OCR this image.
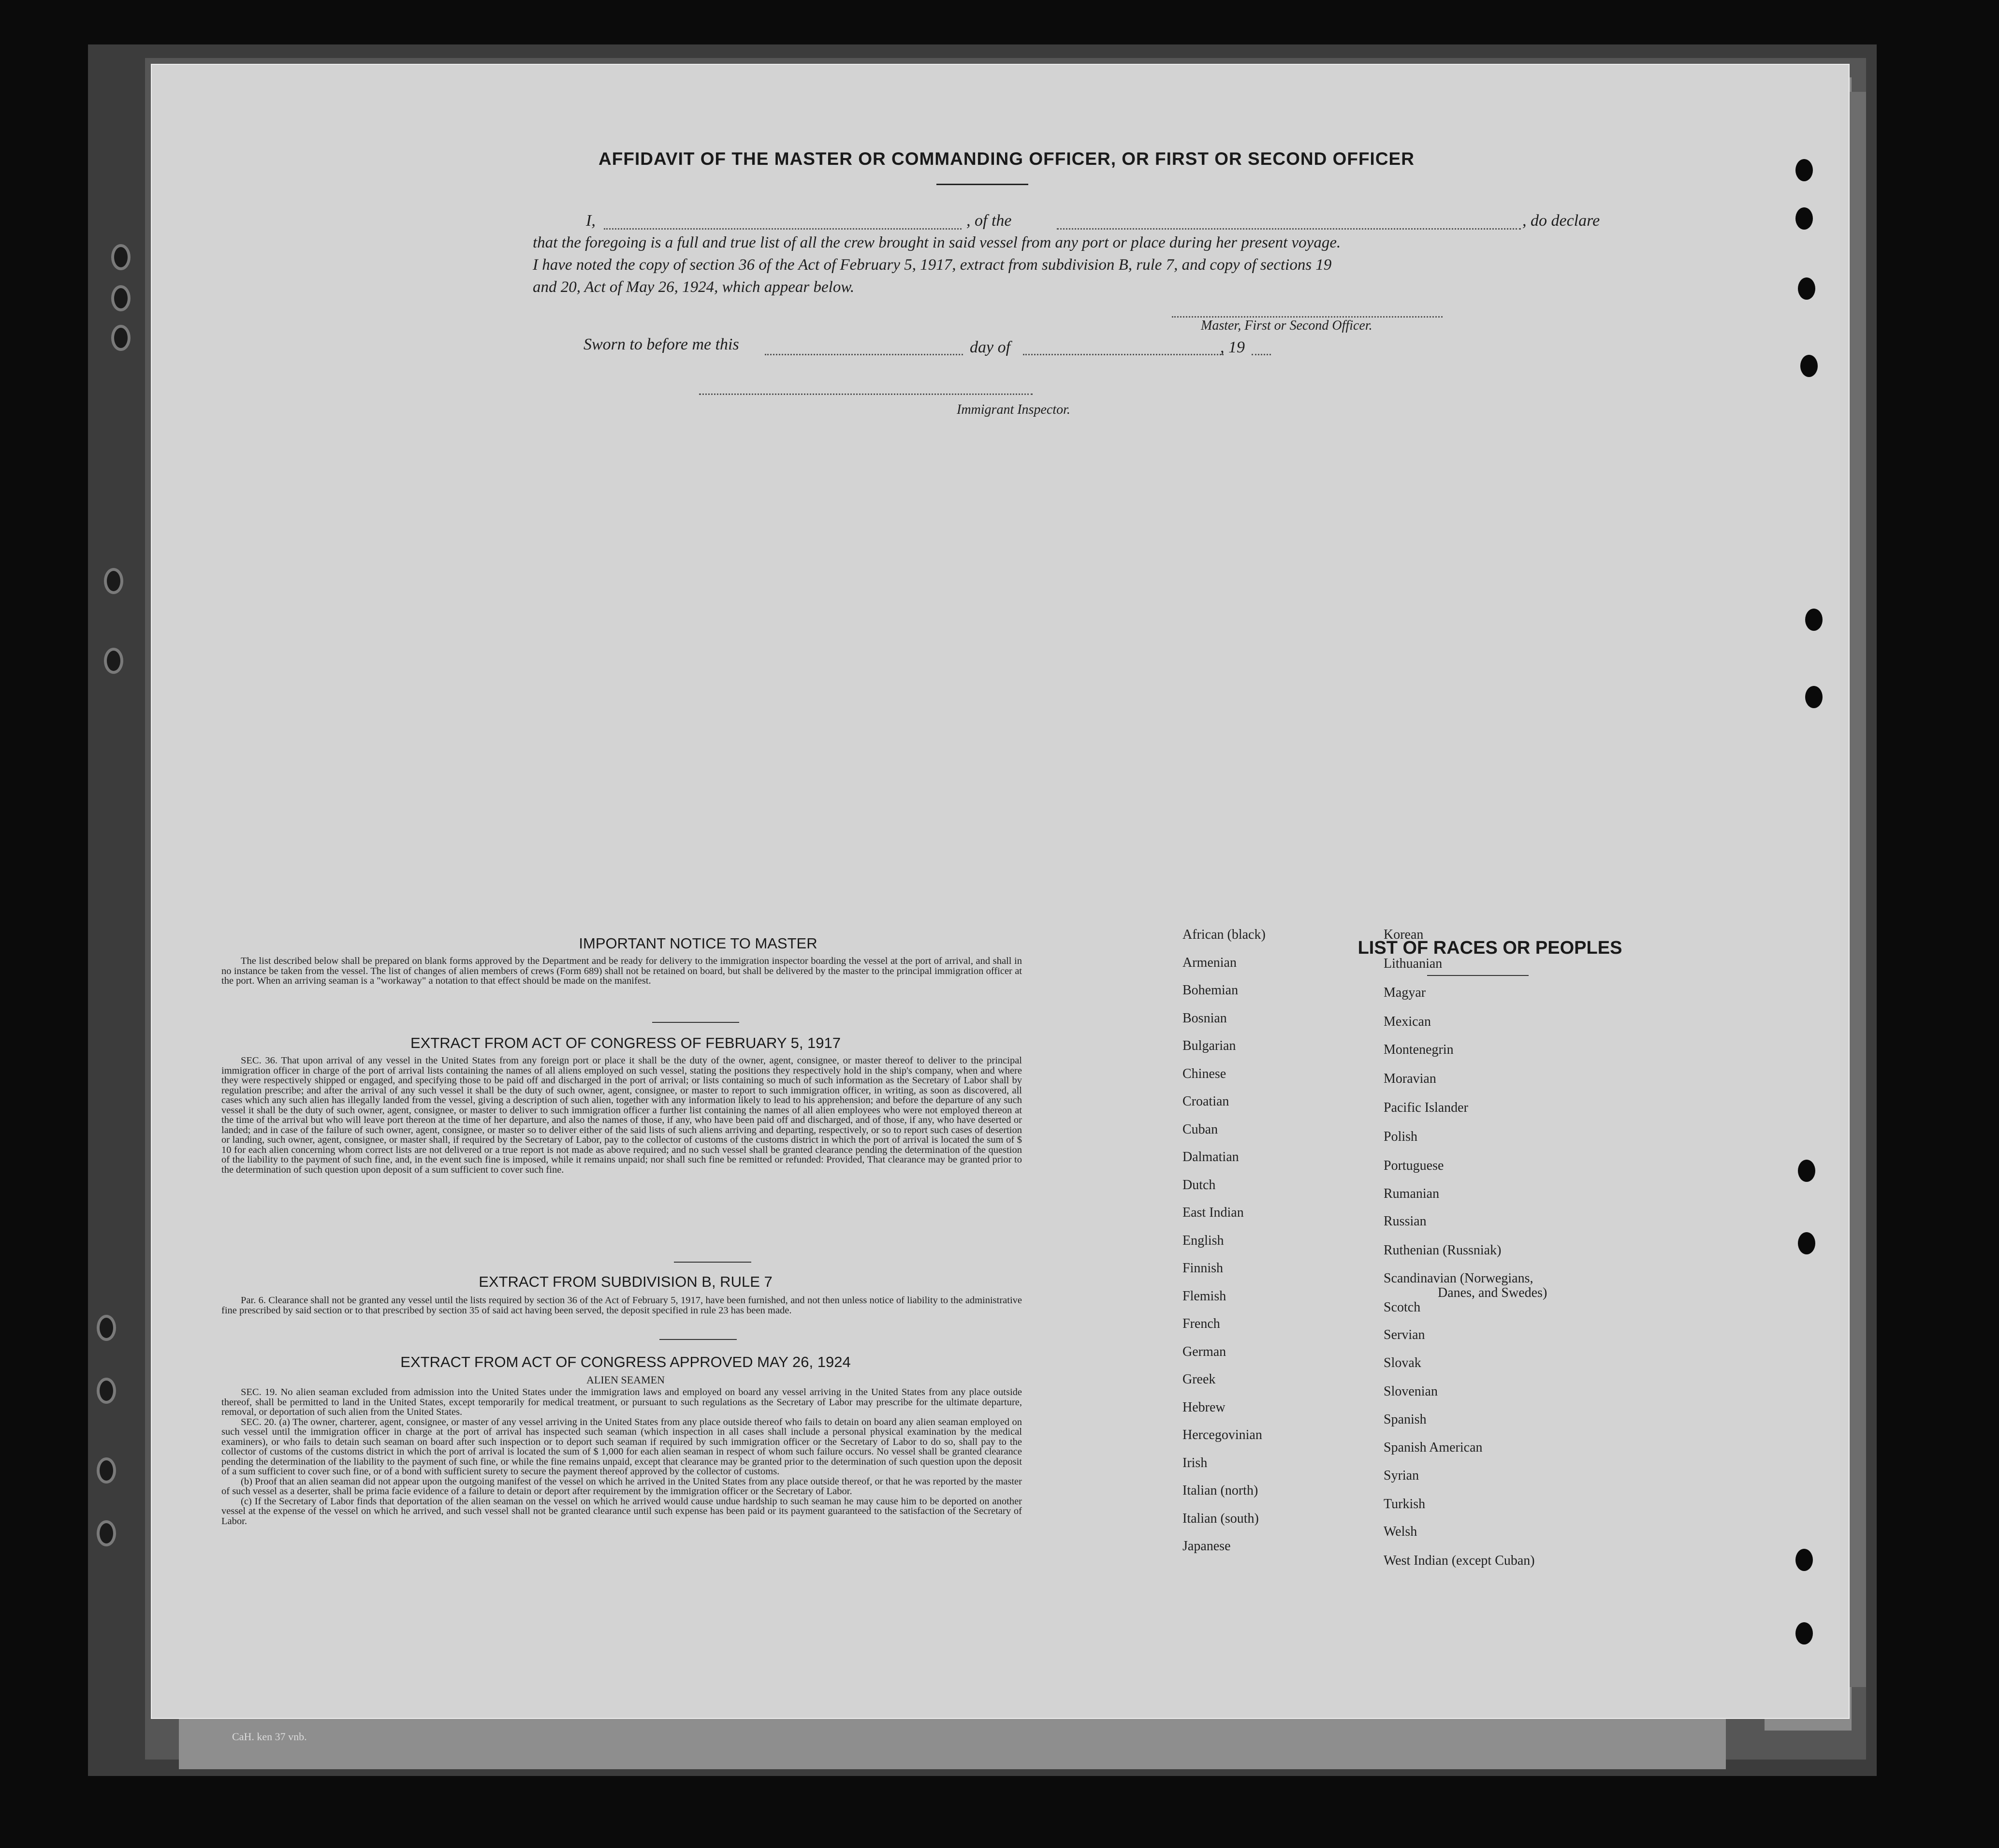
CaH. ken 37 vnb.
AFFIDAVIT OF THE MASTER OR COMMANDING OFFICER, OR FIRST OR SECOND OFFICER
I,	, of the	, do declare
that the foregoing is a full and true list of all the crew brought in said vessel from any port or place during her present voyage.
I have noted the copy of section 36 of the Act of February 5, 1917, extract from subdivision B, rule 7, and copy of sections 19
and 20, Act of May 26, 1924, which appear below.
Master, First or Second Officer.
Sworn to before me this	day of	, 19
Immigrant Inspector.
IMPORTANT NOTICE TO MASTER

The list described below shall be prepared on blank forms approved by the Department and be ready for delivery to the immigration inspector boarding the vessel at the port of arrival, and shall in no instance be taken from the vessel. The list of changes of alien members of crews (Form 689) shall not be retained on board, but shall be delivered by the master to the principal immigration officer at the port. When an arriving seaman is a "workaway" a notation to that effect should be made on the manifest.

EXTRACT FROM ACT OF CONGRESS OF FEBRUARY 5, 1917

SEC. 36. That upon arrival of any vessel in the United States from any foreign port or place it shall be the duty of the owner, agent, consignee, or master thereof to deliver to the principal immigration officer in charge of the port of arrival lists containing the names of all aliens employed on such vessel, stating the positions they respectively hold in the ship's company, when and where they were respectively shipped or engaged, and specifying those to be paid off and discharged in the port of arrival; or lists containing so much of such information as the Secretary of Labor shall by regulation prescribe; and after the arrival of any such vessel it shall be the duty of such owner, agent, consignee, or master to report to such immigration officer, in writing, as soon as discovered, all cases which any such alien has illegally landed from the vessel, giving a description of such alien, together with any information likely to lead to his apprehension; and before the departure of any such vessel it shall be the duty of such owner, agent, consignee, or master to deliver to such immigration officer a further list containing the names of all alien employees who were not employed thereon at the time of the arrival but who will leave port thereon at the time of her departure, and also the names of those, if any, who have been paid off and discharged, and of those, if any, who have deserted or landed; and in case of the failure of such owner, agent, consignee, or master so to deliver either of the said lists of such aliens arriving and departing, respectively, or so to report such cases of desertion or landing, such owner, agent, consignee, or master shall, if required by the Secretary of Labor, pay to the collector of customs of the customs district in which the port of arrival is located the sum of $ 10 for each alien concerning whom correct lists are not delivered or a true report is not made as above required; and no such vessel shall be granted clearance pending the determination of the question of the liability to the payment of such fine, and, in the event such fine is imposed, while it remains unpaid; nor shall such fine be remitted or refunded: Provided, That clearance may be granted prior to the determination of such question upon deposit of a sum sufficient to cover such fine.

EXTRACT FROM SUBDIVISION B, RULE 7

Par. 6. Clearance shall not be granted any vessel until the lists required by section 36 of the Act of February 5, 1917, have been furnished, and not then unless notice of liability to the administrative fine prescribed by said section or to that prescribed by section 35 of said act having been served, the deposit specified in rule 23 has been made.

EXTRACT FROM ACT OF CONGRESS APPROVED MAY 26, 1924
ALIEN SEAMEN

SEC. 19. No alien seaman excluded from admission into the United States under the immigration laws and employed on board any vessel arriving in the United States from any place outside thereof, shall be permitted to land in the United States, except temporarily for medical treatment, or pursuant to such regulations as the Secretary of Labor may prescribe for the ultimate departure, removal, or deportation of such alien from the United States.

SEC. 20. (a) The owner, charterer, agent, consignee, or master of any vessel arriving in the United States from any place outside thereof who fails to detain on board any alien seaman employed on such vessel until the immigration officer in charge at the port of arrival has inspected such seaman (which inspection in all cases shall include a personal physical examination by the medical examiners), or who fails to detain such seaman on board after such inspection or to deport such seaman if required by such immigration officer or the Secretary of Labor to do so, shall pay to the collector of customs of the customs district in which the port of arrival is located the sum of $ 1,000 for each alien seaman in respect of whom such failure occurs. No vessel shall be granted clearance pending the determination of the liability to the payment of such fine, or while the fine remains unpaid, except that clearance may be granted prior to the determination of such question upon the deposit of a sum sufficient to cover such fine, or of a bond with sufficient surety to secure the payment thereof approved by the collector of customs.

(b) Proof that an alien seaman did not appear upon the outgoing manifest of the vessel on which he arrived in the United States from any place outside thereof, or that he was reported by the master of such vessel as a deserter, shall be prima facie evidence of a failure to detain or deport after requirement by the immigration officer or the Secretary of Labor.

(c) If the Secretary of Labor finds that deportation of the alien seaman on the vessel on which he arrived would cause undue hardship to such seaman he may cause him to be deported on another vessel at the expense of the vessel on which he arrived, and such vessel shall not be granted clearance until such expense has been paid or its payment guaranteed to the satisfaction of the Secretary of Labor.

LIST OF RACES OR PEOPLES
African (black)
Armenian
Bohemian
Bosnian
Bulgarian
Chinese
Croatian
Cuban
Dalmatian
Dutch
East Indian
English
Finnish
Flemish
French
German
Greek
Hebrew
Hercegovinian
Irish
Italian (north)
Italian (south)
Japanese
Korean
Lithuanian
Magyar
Mexican
Montenegrin
Moravian
Pacific Islander
Polish
Portuguese
Rumanian
Russian
Ruthenian (Russniak)
Scandinavian (Norwegians,
Danes, and Swedes)
Scotch
Servian
Slovak
Slovenian
Spanish
Spanish American
Syrian
Turkish
Welsh
West Indian (except Cuban)
